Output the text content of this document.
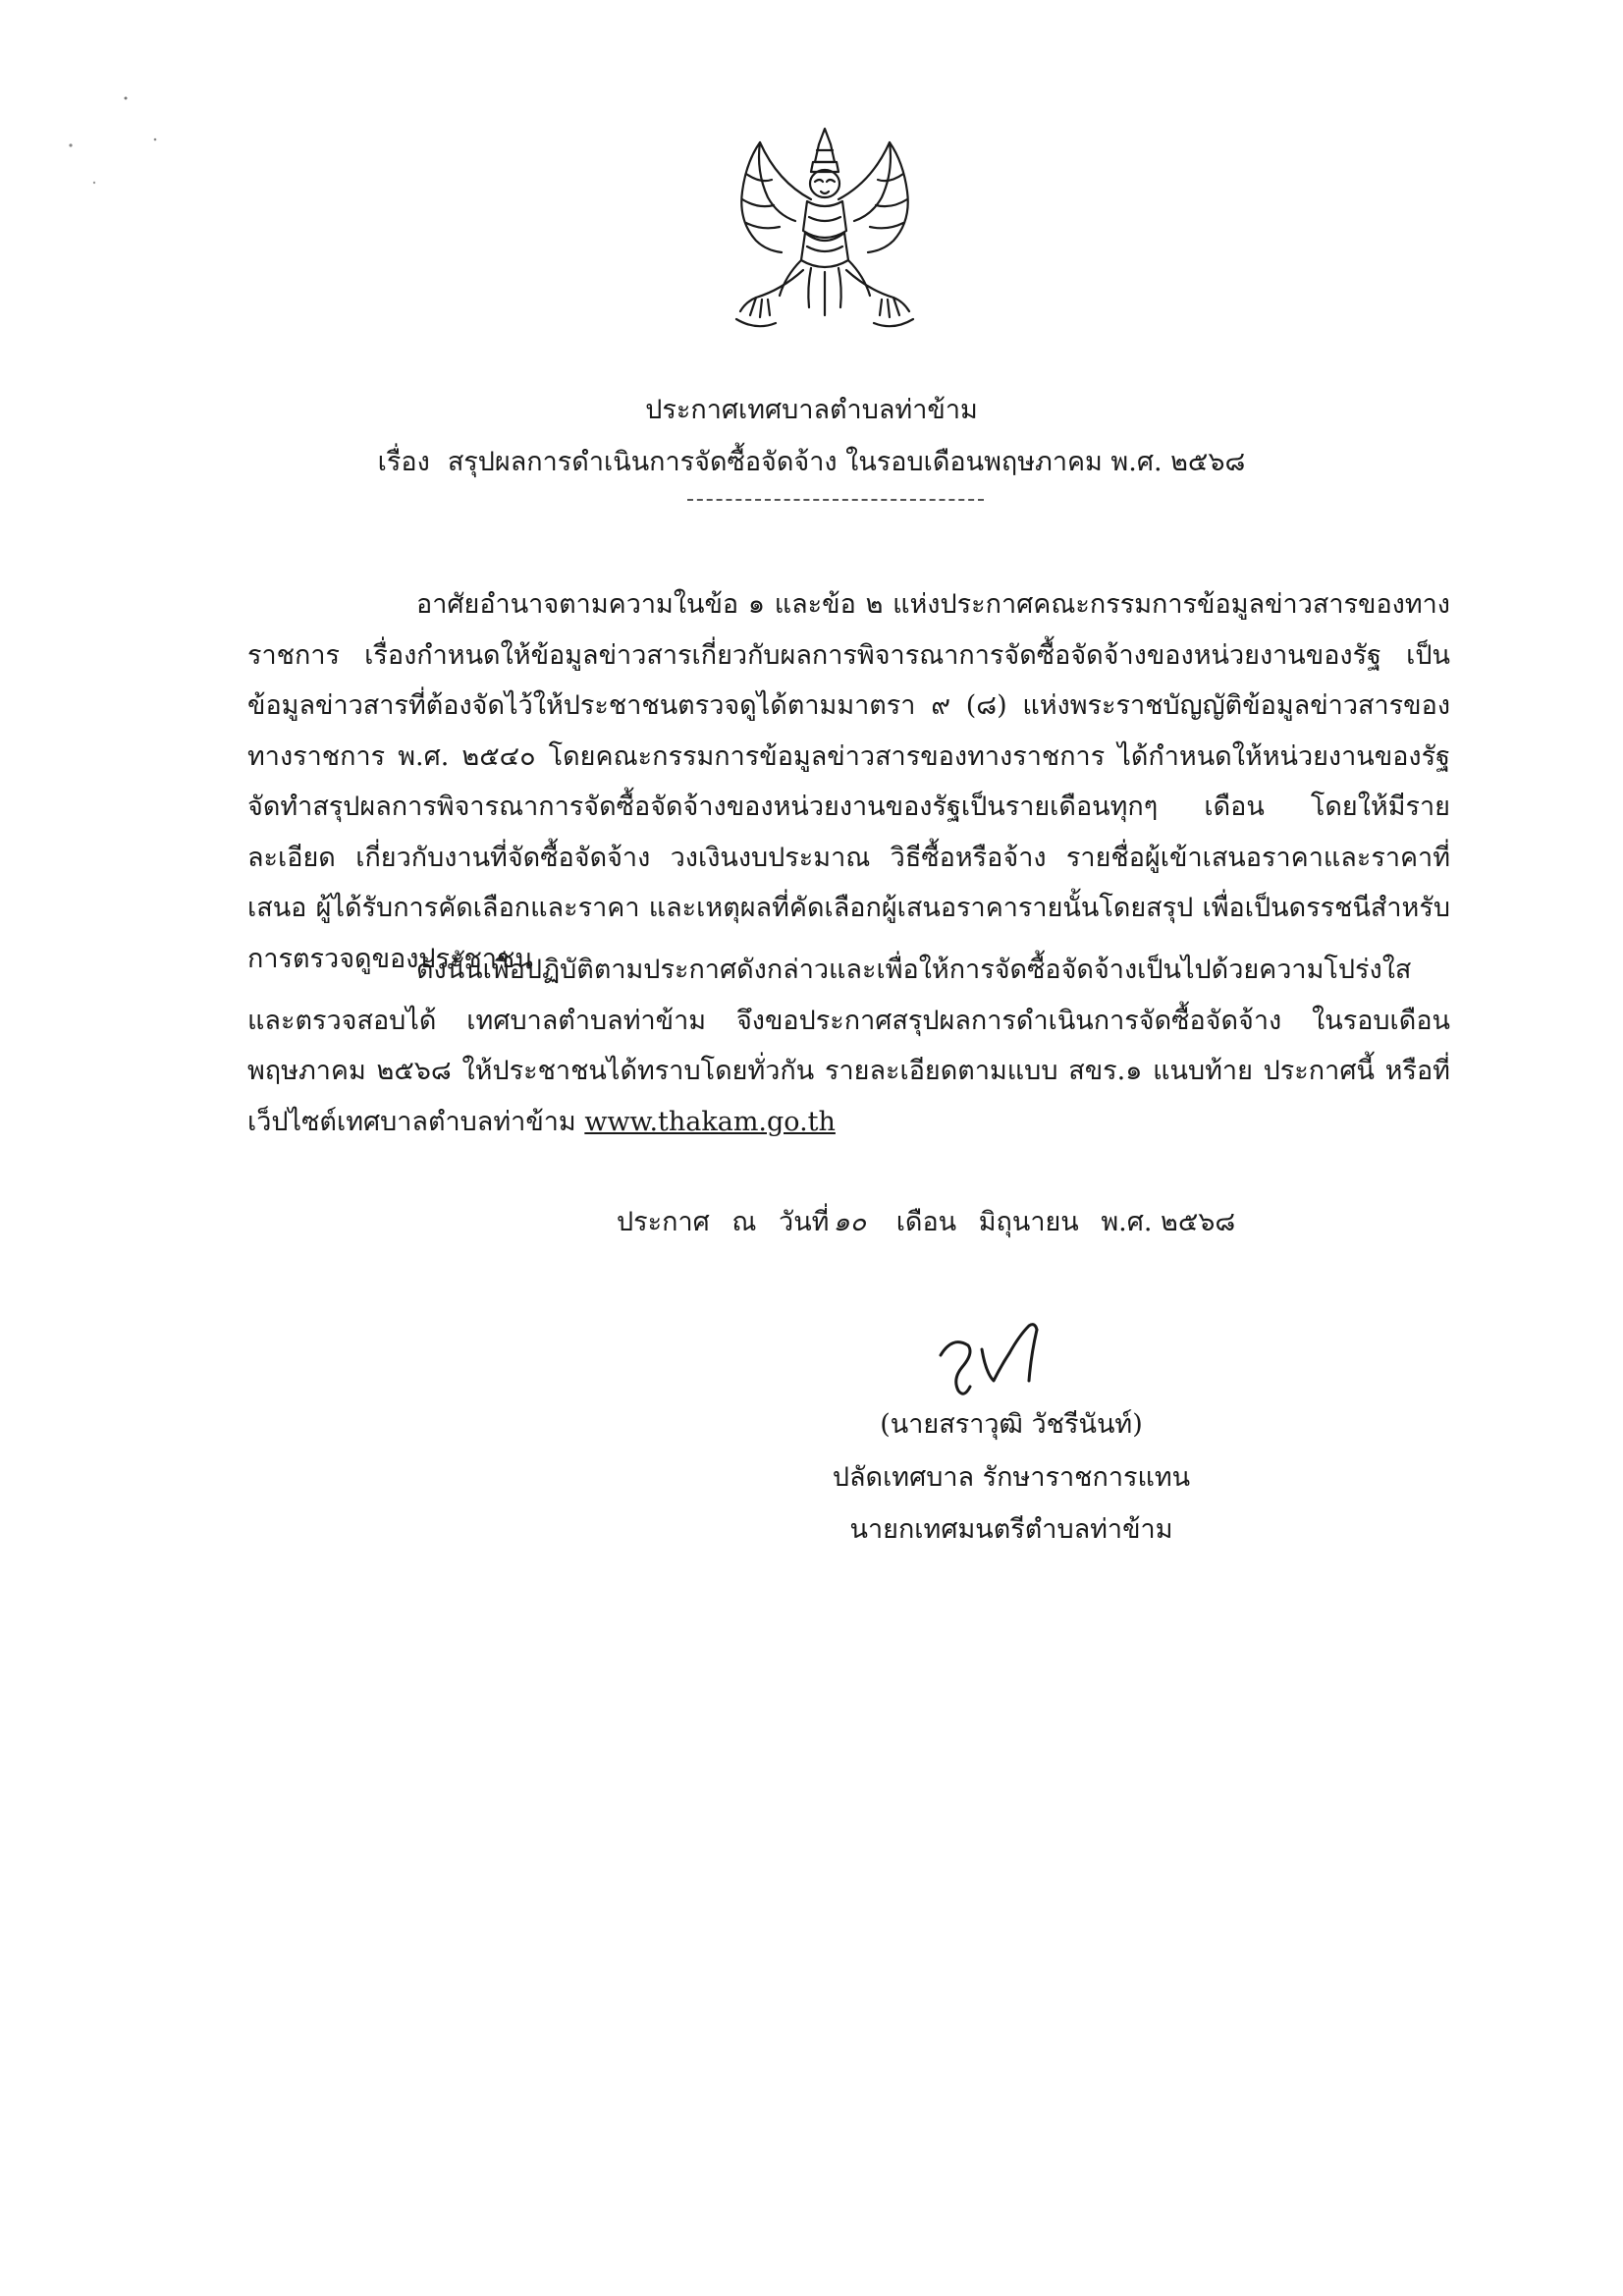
ประกาศเทศบาลตำบลท่าข้าม
เรื่อง สรุปผลการดำเนินการจัดซื้อจัดจ้าง ในรอบเดือนพฤษภาคม พ.ศ. ๒๕๖๘

อาศัยอำนาจตามความในข้อ ๑ และข้อ ๒ แห่งประกาศคณะกรรมการข้อมูลข่าวสารของทางราชการ เรื่องกำหนดให้ข้อมูลข่าวสารเกี่ยวกับผลการพิจารณาการจัดซื้อจัดจ้างของหน่วยงานของรัฐ เป็นข้อมูลข่าวสารที่ต้องจัดไว้ให้ประชาชนตรวจดูได้ตามมาตรา ๙ (๘) แห่งพระราชบัญญัติข้อมูลข่าวสารของทางราชการ พ.ศ. ๒๕๔๐ โดยคณะกรรมการข้อมูลข่าวสารของทางราชการ ได้กำหนดให้หน่วยงานของรัฐ จัดทำสรุปผลการพิจารณาการจัดซื้อจัดจ้างของหน่วยงานของรัฐเป็นรายเดือนทุกๆ เดือน โดยให้มีรายละเอียด เกี่ยวกับงานที่จัดซื้อจัดจ้าง วงเงินงบประมาณ วิธีซื้อหรือจ้าง รายชื่อผู้เข้าเสนอราคาและราคาที่เสนอ ผู้ได้รับการคัดเลือกและราคา และเหตุผลที่คัดเลือกผู้เสนอราคารายนั้นโดยสรุป เพื่อเป็นดรรชนีสำหรับการตรวจดูของประชาชน

ดังนั้นเพื่อปฏิบัติตามประกาศดังกล่าวและเพื่อให้การจัดซื้อจัดจ้างเป็นไปด้วยความโปร่งใสและตรวจสอบได้ เทศบาลตำบลท่าข้าม จึงขอประกาศสรุปผลการดำเนินการจัดซื้อจัดจ้าง ในรอบเดือนพฤษภาคม ๒๕๖๘ ให้ประชาชนได้ทราบโดยทั่วกัน รายละเอียดตามแบบ สขร.๑ แนบท้าย ประกาศนี้ หรือที่เว็ปไซต์เทศบาลตำบลท่าข้าม www.thakam.go.th

ประกาศ ณ วันที่ ๑๐ เดือน มิถุนายน พ.ศ. ๒๕๖๘
(นายสราวุฒิ วัชรีนันท์)
ปลัดเทศบาล รักษาราชการแทน
นายกเทศมนตรีตำบลท่าข้าม
